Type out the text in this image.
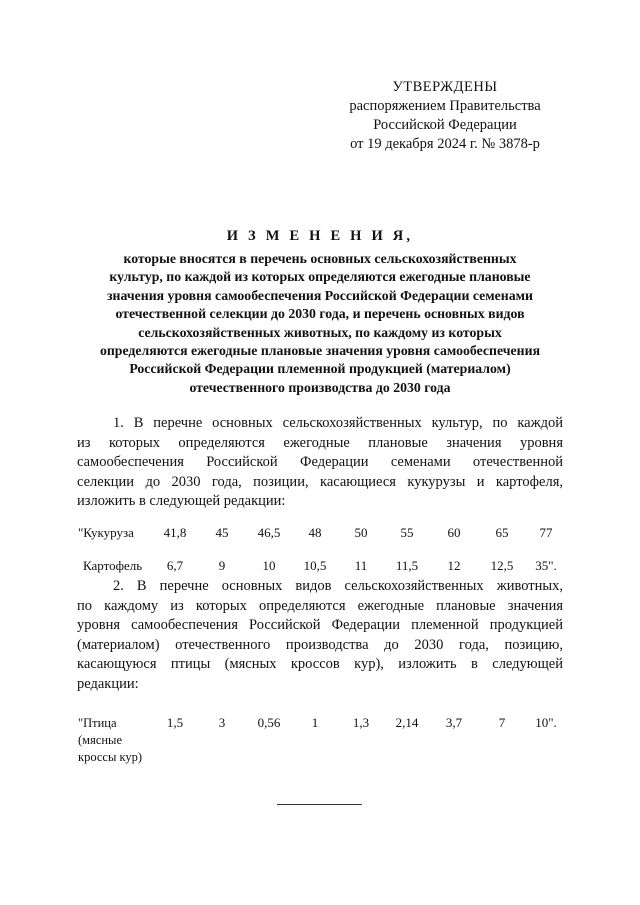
УТВЕРЖДЕНЫ
распоряжением Правительства
Российской Федерации
от 19 декабря 2024 г. № 3878-р
И З М Е Н Е Н И Я,
которые вносятся в перечень основных сельскохозяйственных
культур, по каждой из которых определяются ежегодные плановые
значения уровня самообеспечения Российской Федерации семенами
отечественной селекции до 2030 года, и перечень основных видов
сельскохозяйственных животных, по каждому из которых
определяются ежегодные плановые значения уровня самообеспечения
Российской Федерации племенной продукцией (материалом)
отечественного производства до 2030 года
1. В перечне основных сельскохозяйственных культур, по каждой
из которых определяются ежегодные плановые значения уровня
самообеспечения Российской Федерации семенами отечественной
селекции до 2030 года, позиции, касающиеся кукурузы и картофеля,
изложить в следующей редакции:
"Кукуруза	41,8	45	46,5	48	50	55	60	65	77
Картофель	6,7	9	10	10,5	11	11,5	12	12,5	35".
2. В перечне основных видов сельскохозяйственных животных,
по каждому из которых определяются ежегодные плановые значения
уровня самообеспечения Российской Федерации племенной продукцией
(материалом) отечественного производства до 2030 года, позицию,
касающуюся птицы (мясных кроссов кур), изложить в следующей
редакции:
"Птица
(мясные
кроссы кур)
1,5	3	0,56	1	1,3	2,14	3,7	7	10".
